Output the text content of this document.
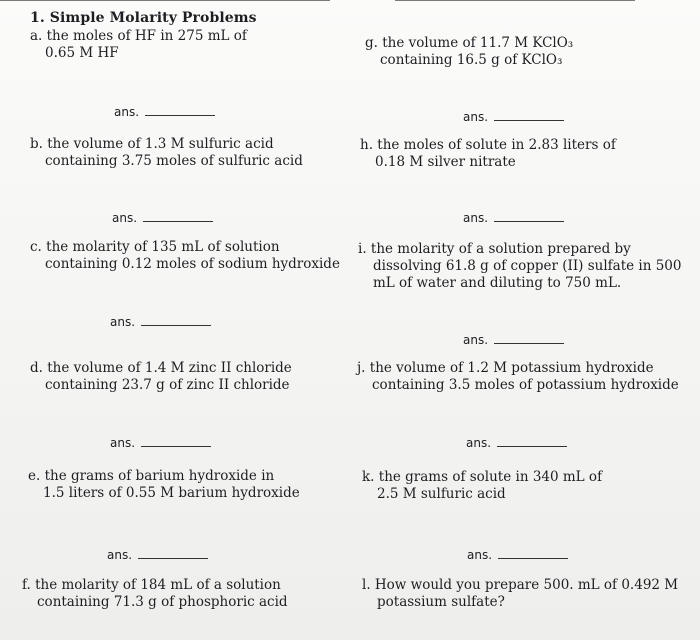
1. Simple Molarity Problems
a. the moles of HF in 275 mL of
0.65 M HF
ans.
b. the volume of 1.3 M sulfuric acid
containing 3.75 moles of sulfuric acid
ans.
c. the molarity of 135 mL of solution
containing 0.12 moles of sodium hydroxide
ans.
d. the volume of 1.4 M zinc II chloride
containing 23.7 g of zinc II chloride
ans.
e. the grams of barium hydroxide in
1.5 liters of 0.55 M barium hydroxide
ans.
f. the molarity of 184 mL of a solution
containing 71.3 g of phosphoric acid
g. the volume of 11.7 M KClO₃
containing 16.5 g of KClO₃
ans.
h. the moles of solute in 2.83 liters of
0.18 M silver nitrate
ans.
i. the molarity of a solution prepared by
dissolving 61.8 g of copper (II) sulfate in 500
mL of water and diluting to 750 mL.
ans.
j. the volume of 1.2 M potassium hydroxide
containing 3.5 moles of potassium hydroxide
ans.
k. the grams of solute in 340 mL of
2.5 M sulfuric acid
ans.
l. How would you prepare 500. mL of 0.492 M
potassium sulfate?
